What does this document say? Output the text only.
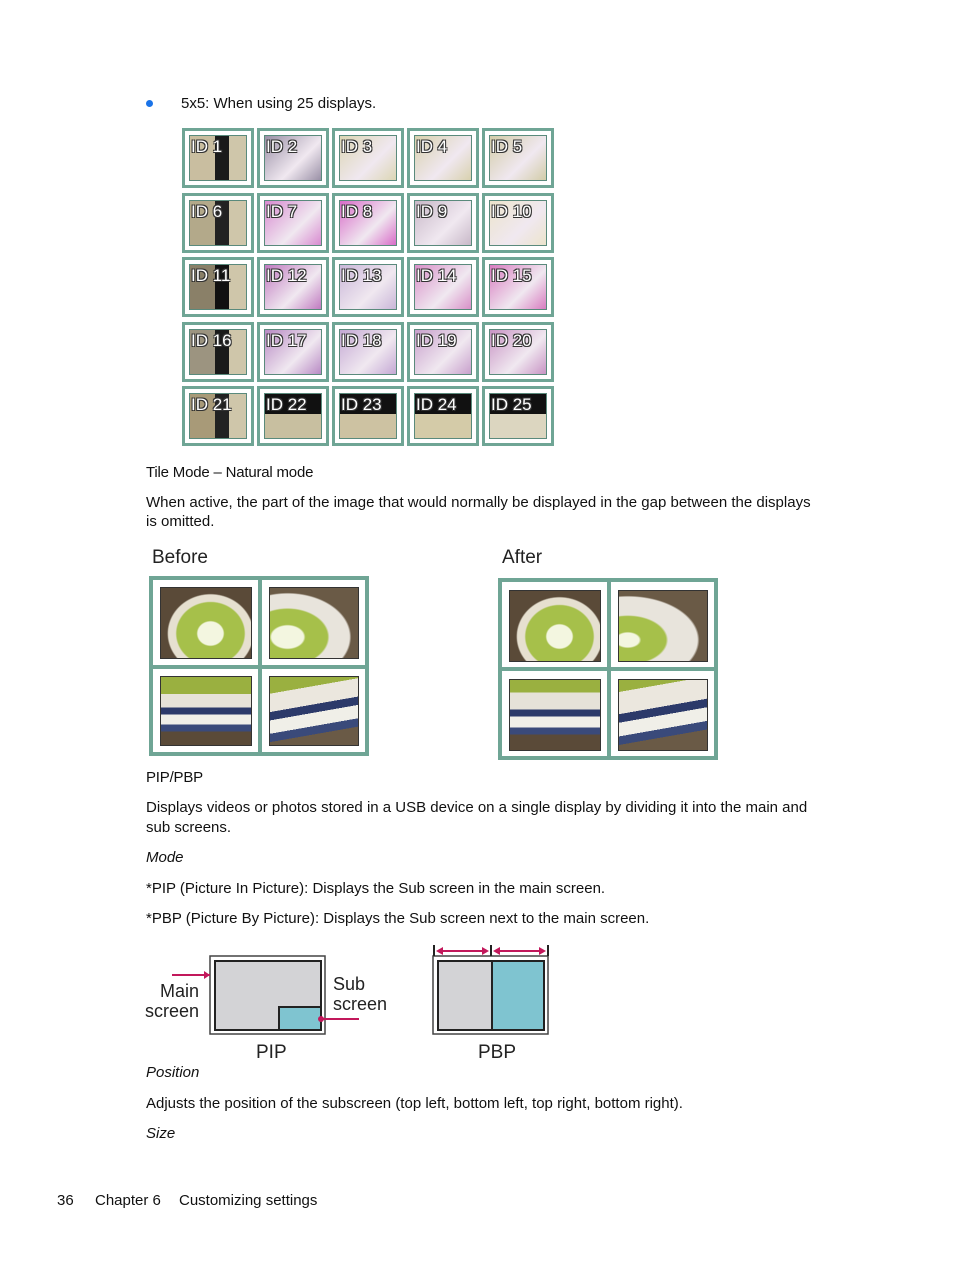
5x5: When using 25 displays.
ID 1	ID 2	ID 3	ID 4	ID 5
ID 6	ID 7	ID 8	ID 9	ID 10
ID 11 ID 12 ID 13 ID 14 ID 15
ID 16 ID 17 ID 18 ID 19 ID 20
ID 21 ID 22 ID 23 ID 24 ID 25
Tile Mode – Natural mode
When active, the part of the image that would normally be displayed in the gap between the displays
is omitted.
Before	After
PIP/PBP
Displays videos or photos stored in a USB device on a single display by dividing it into the main and
sub screens.
Mode
*PIP (Picture In Picture): Displays the Sub screen in the main screen.
*PBP (Picture By Picture): Displays the Sub screen next to the main screen.
Main
screen
Sub
screen
PIP	PBP
Position
Adjusts the position of the subscreen (top left, bottom left, top right, bottom right).
Size
36 Chapter 6 Customizing settings
